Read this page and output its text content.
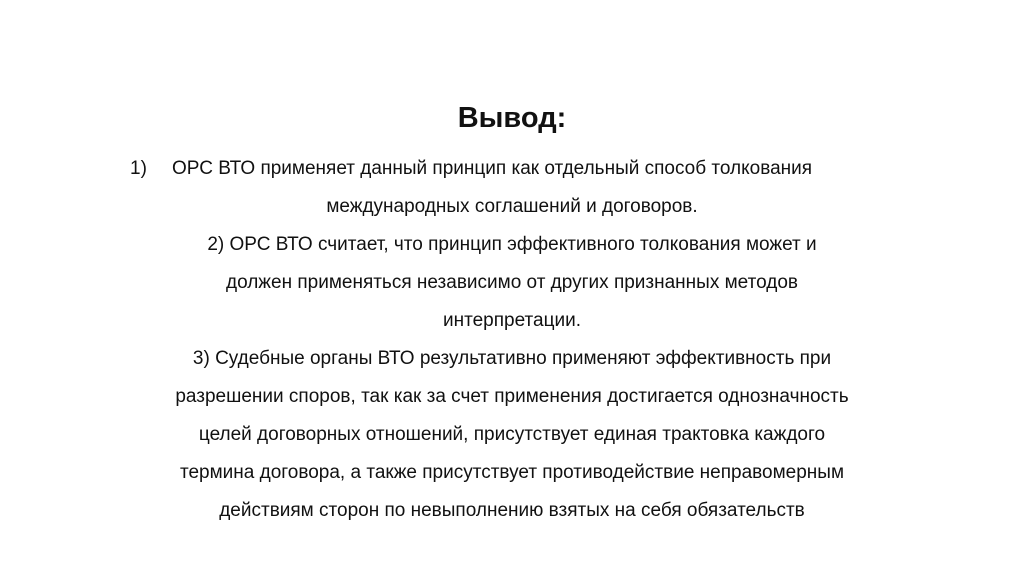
Вывод:
1) ОРС ВТО применяет данный принцип как отдельный способ толкования
международных соглашений и договоров.
2) ОРС ВТО считает, что принцип эффективного толкования может и
должен применяться независимо от других признанных методов
интерпретации.
3) Судебные органы ВТО результативно применяют эффективность при
разрешении споров, так как за счет применения достигается однозначность
целей договорных отношений, присутствует единая трактовка каждого
термина договора, а также присутствует противодействие неправомерным
действиям сторон по невыполнению взятых на себя обязательств
